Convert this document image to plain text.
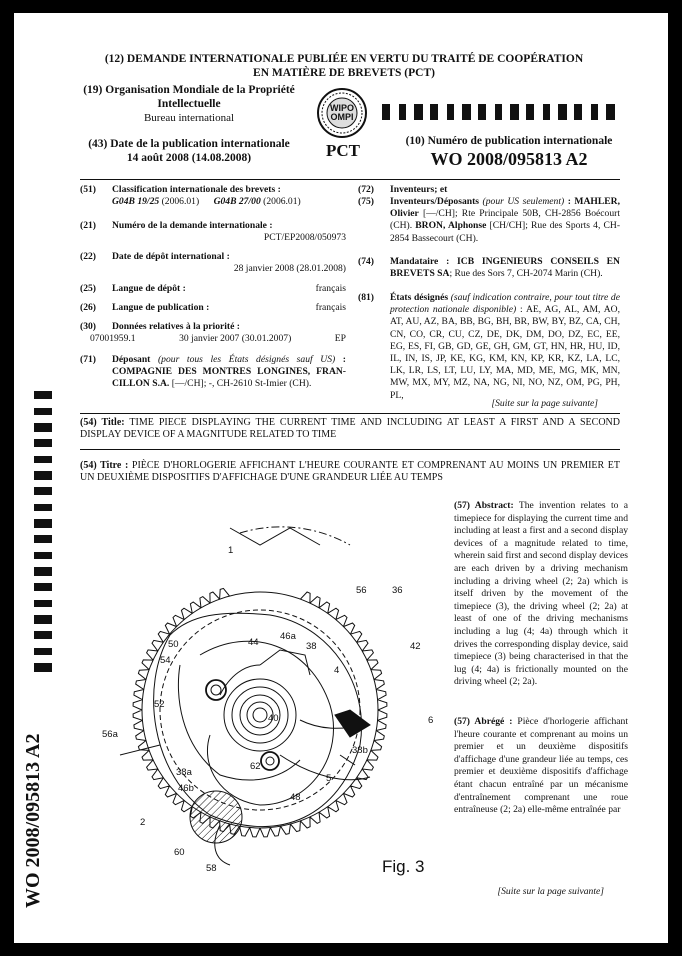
(12) DEMANDE INTERNATIONALE PUBLIÉE EN VERTU DU TRAITÉ DE COOPÉRATION
EN MATIÈRE DE BREVETS (PCT)
(19) Organisation Mondiale de la Propriété
Intellectuelle
Bureau international
WIPO
OMPI
(43) Date de la publication internationale
14 août 2008 (14.08.2008)	PCT	(10) Numéro de publication internationale
WO 2008/095813 A2
(51) Classification internationale des brevets :
G04B 19/25 (2006.01) G04B 27/00 (2006.01)
(21) Numéro de la demande internationale :
PCT/EP2008/050973
(22) Date de dépôt international :
28 janvier 2008 (28.01.2008)
(25) Langue de dépôt :	français
(26) Langue de publication :	français
(30) Données relatives à la priorité :
07001959.1	30 janvier 2007 (30.01.2007)	EP
(71) Déposant (pour tous les États désignés sauf US) : COMPAGNIE DES MONTRES LONGINES, FRAN- CILLON S.A. [—/CH]; -, CH-2610 St-Imier (CH).
(72) Inventeurs; et
(75) Inventeurs/Déposants (pour US seulement) : MAHLER, Olivier [—/CH]; Rte Principale 50B, CH-2856 Boécourt (CH). BRON, Alphonse [CH/CH]; Rue des Sports 4, CH-2854 Bassecourt (CH).
(74) Mandataire : ICB INGENIEURS CONSEILS EN BREVETS SA; Rue des Sors 7, CH-2074 Marin (CH).
(81) États désignés (sauf indication contraire, pour tout titre de protection nationale disponible) : AE, AG, AL, AM, AO, AT, AU, AZ, BA, BB, BG, BH, BR, BW, BY, BZ, CA, CH, CN, CO, CR, CU, CZ, DE, DK, DM, DO, DZ, EC, EE, EG, ES, FI, GB, GD, GE, GH, GM, GT, HN, HR, HU, ID, IL, IN, IS, JP, KE, KG, KM, KN, KP, KR, KZ, LA, LC, LK, LR, LS, LT, LU, LY, MA, MD, ME, MG, MK, MN, MW, MX, MY, MZ, NA, NG, NI, NO, NZ, OM, PG, PH, PL,
[Suite sur la page suivante]
WO 2008/095813 A2
(54) Title: TIME PIECE DISPLAYING THE CURRENT TIME AND INCLUDING AT LEAST A FIRST AND A SECOND DISPLAY DEVICE OF A MAGNITUDE RELATED TO TIME
(54) Titre : PIÈCE D'HORLOGERIE AFFICHANT L'HEURE COURANTE ET COMPRENANT AU MOINS UN PREMIER ET UN DEUXIÈME DISPOSITIFS D'AFFICHAGE D'UNE GRANDEUR LIÉE AU TEMPS
1
56	36
42
46a
44	38
50
54
4
52
6
40
56a
38b
62
38a
46b
5
48
2
60
58	Fig. 3
(57) Abstract: The invention relates to a timepiece for displaying the current time and including at least a first and a second display devices of a magnitude related to time, wherein said first and second display devices are each driven by a driving mechanism including a driving wheel (2; 2a) which is itself driven by the movement of the timepiece (3), the driving wheel (2; 2a) at least of one of the driving mechanisms including a lug (4; 4a) through which it drives the corresponding display device, said timepiece (3) being characterised in that the lug (4; 4a) is frictionally mounted on the driving wheel (2; 2a).
(57) Abrégé : Pièce d'horlogerie affichant l'heure courante et comprenant au moins un premier et un deuxième dispositifs d'affichage d'une grandeur liée au temps, ces premier et deuxième dispositifs d'affichage étant chacun entraîné par un mécanisme d'entraînement comprenant une roue entraîneuse (2; 2a) elle-même entraînée par
[Suite sur la page suivante]
